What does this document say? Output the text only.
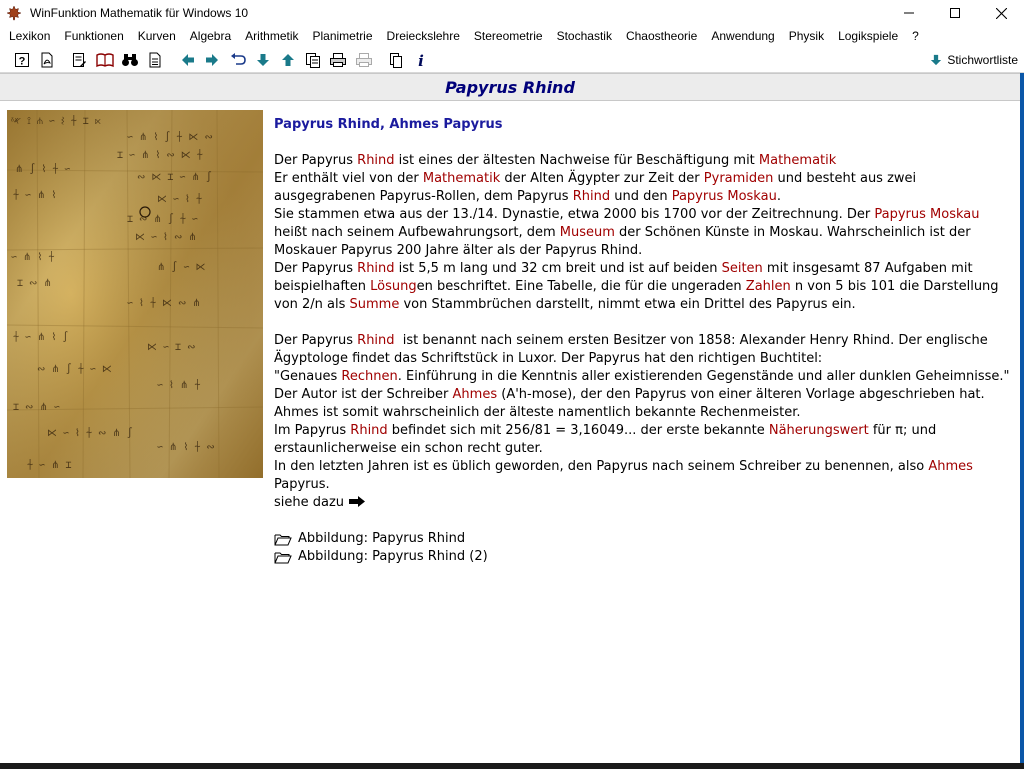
WinFunktion Mathematik für Windows 10
Lexikon	Funktionen	Kurven	Algebra	Arithmetik	Planimetrie	Dreieckslehre	Stereometrie	Stochastik	Chaostheorie	Anwendung	Physik	Logikspiele	?
?	i	Stichwortliste
Papyrus Rhind
ᵟ𐤀 ⟟ ⋔ ∽ ⌇ ⍭ ⌶ ⋉
∽ ⋔ ⌇ ∫ ⍭ ⋉ ∾
⌶ ∽ ⋔ ⌇ ∾ ⋉ ⍭
⋔ ∫ ⌇ ⍭ ∽
∾ ⋉ ⌶ ∽ ⋔ ∫
⍭ ∽ ⋔ ⌇	⋉ ∽ ⌇ ⍭
⌶ ∾ ⋔ ∫ ⍭ ∽
⋉ ∽ ⌇ ∾ ⋔
∽ ⋔ ⌇ ⍭
⋔ ∫ ∽ ⋉
⌶ ∾ ⋔
∽ ⌇ ⍭ ⋉ ∾ ⋔
⍭ ∽ ⋔ ⌇ ∫
⋉ ∽ ⌶ ∾
∾ ⋔ ∫ ⍭ ∽ ⋉
∽ ⌇ ⋔ ⍭
⌶ ∾ ⋔ ∽
⋉ ∽ ⌇ ⍭ ∾ ⋔ ∫
∽ ⋔ ⌇ ⍭ ∾
⍭ ∽ ⋔ ⌶
Papyrus Rhind, Ahmes Papyrus

Der Papyrus Rhind ist eines der ältesten Nachweise für Beschäftigung mit Mathematik

Er enthält viel von der Mathematik der Alten Ägypter zur Zeit der Pyramiden und besteht aus zwei

ausgegrabenen Papyrus-Rollen, dem Papyrus Rhind und den Papyrus Moskau.

Sie stammen etwa aus der 13./14. Dynastie, etwa 2000 bis 1700 vor der Zeitrechnung. Der Papyrus Moskau

heißt nach seinem Aufbewahrungsort, dem Museum der Schönen Künste in Moskau. Wahrscheinlich ist der

Moskauer Papyrus 200 Jahre älter als der Papyrus Rhind.

Der Papyrus Rhind ist 5,5 m lang und 32 cm breit und ist auf beiden Seiten mit insgesamt 87 Aufgaben mit

beispielhaften Lösungen beschriftet. Eine Tabelle, die für die ungeraden Zahlen n von 5 bis 101 die Darstellung

von 2/n als Summe von Stammbrüchen darstellt, nimmt etwa ein Drittel des Papyrus ein.

Der Papyrus Rhind  ist benannt nach seinem ersten Besitzer von 1858: Alexander Henry Rhind. Der englische

Ägyptologe findet das Schriftstück in Luxor. Der Papyrus hat den richtigen Buchtitel:

"Genaues Rechnen. Einführung in die Kenntnis aller existierenden Gegenstände und aller dunklen Geheimnisse."

Der Autor ist der Schreiber Ahmes (A'h-mose), der den Papyrus von einer älteren Vorlage abgeschrieben hat.

Ahmes ist somit wahrscheinlich der älteste namentlich bekannte Rechenmeister.

Im Papyrus Rhind befindet sich mit 256/81 = 3,16049... der erste bekannte Näherungswert für π; und

erstaunlicherweise ein schon recht guter.

In den letzten Jahren ist es üblich geworden, den Papyrus nach seinem Schreiber zu benennen, also Ahmes

Papyrus.

siehe dazu

Abbildung: Papyrus Rhind
Abbildung: Papyrus Rhind (2)
